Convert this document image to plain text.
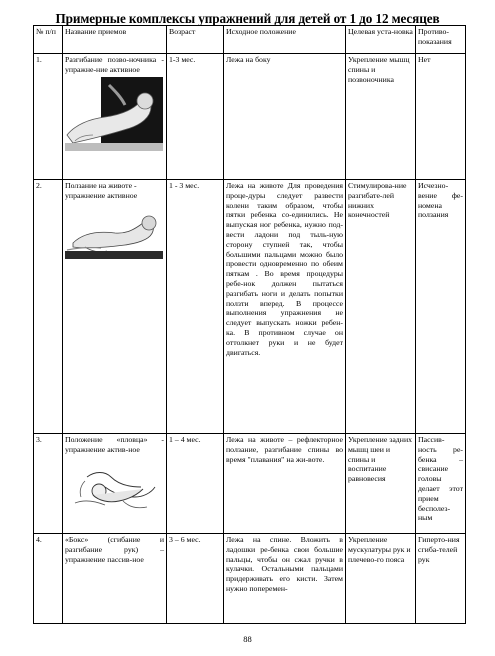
Примерные комплексы упражнений для детей от 1 до 12 месяцев
№ п/п	Название приемов	Возраст	Исходное положение	Целевая уста-новка	Противо-показания
1.	Разгибание позво-ночника - упражне-ние активное	1-3 мес.	Лежа на боку	Укрепление мышц спины и позвоночника	Нет
2.	Ползание на животе - упражнение активное	1 - 3 мес.	Лежа на животе Для проведения проце-дуры следует развести колени таким образом, чтобы пятки ребенка со-единились. Не выпуская ног ребенка, нужно под-вести ладони под тыль-ную сторону ступней так, чтобы большими пальцами можно было провести одновременно по обеим пяткам . Во время процедуры ребе-нок должен пытаться разгибать ноги и делать попытки ползти вперед. В процессе выполнения упражнения не следует выпускать ножки ребен-ка. В противном случае он оттолкнет руки и не будет двигаться.	Стимулирова-ние разгибате-лей нижних конечностей	Исчезно-вение фе-номена ползания
3.	Положение «пловца» - упражнение актив-ное	1 – 4 мес.	Лежа на животе – рефлекторное ползание, разгибание спины во время "плавания" на жи-воте.	Укрепление задних мышц шеи и спины и воспитание равновесия	Пассив-ность ре-бенка – свисание головы делает этот прием бесполез-ным
4.	«Бокс» (сгибание и разгибание рук) – упражнение пассив-ное	3 – 6 мес.	Лежа на спине. Вложить в ладошки ре-бенка свои большие пальцы, чтобы он сжал ручки в кулачки. Остальными пальцами придерживать его кисти. Затем нужно поперемен-	Укрепление мускулатуры рук и плечево-го пояса	Гиперто-ния сгиба-телей рук
88
